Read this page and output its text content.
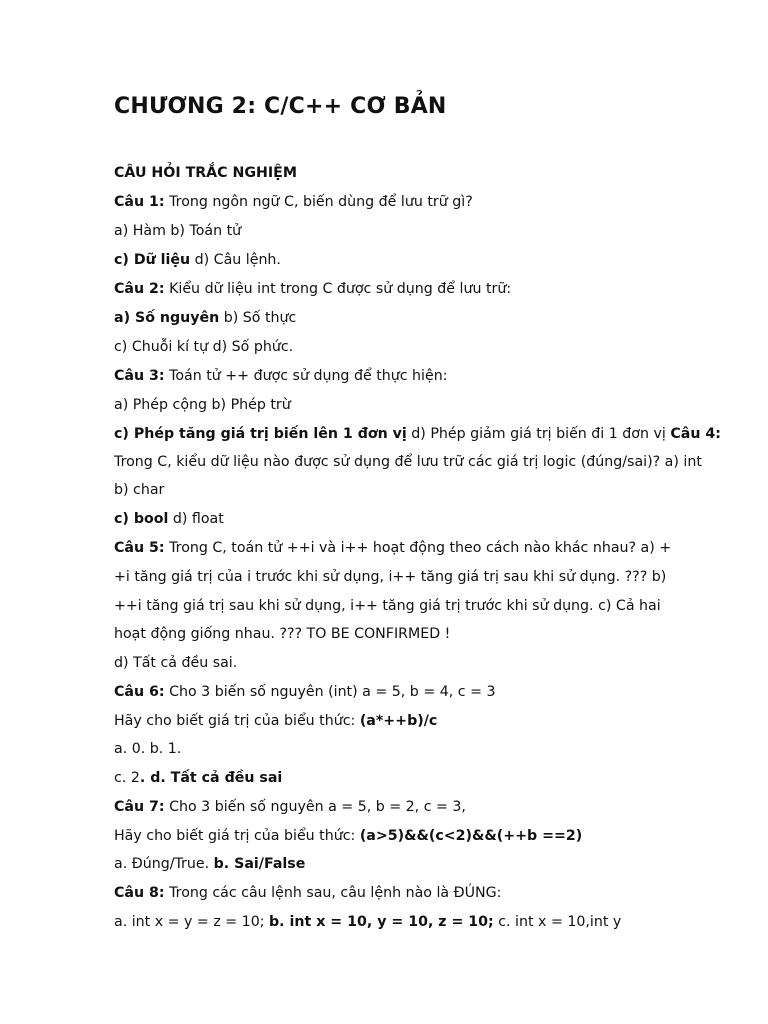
CHƯƠNG 2: C/C++ CƠ BẢN
CÂU HỎI TRẮC NGHIỆM
Câu 1: Trong ngôn ngữ C, biến dùng để lưu trữ gì?
a) Hàm b) Toán tử
c) Dữ liệu d) Câu lệnh.
Câu 2: Kiểu dữ liệu int trong C được sử dụng để lưu trữ:
a) Số nguyên b) Số thực
c) Chuỗi kí tự d) Số phức.
Câu 3: Toán tử ++ được sử dụng để thực hiện:
a) Phép cộng b) Phép trừ
c) Phép tăng giá trị biến lên 1 đơn vị d) Phép giảm giá trị biến đi 1 đơn vị Câu 4:
Trong C, kiểu dữ liệu nào được sử dụng để lưu trữ các giá trị logic (đúng/sai)? a) int
b) char
c) bool d) float
Câu 5: Trong C, toán tử ++i và i++ hoạt động theo cách nào khác nhau? a) +
+i tăng giá trị của i trước khi sử dụng, i++ tăng giá trị sau khi sử dụng. ??? b)
++i tăng giá trị sau khi sử dụng, i++ tăng giá trị trước khi sử dụng. c) Cả hai
hoạt động giống nhau. ??? TO BE CONFIRMED !
d) Tất cả đều sai.
Câu 6: Cho 3 biến số nguyên (int) a = 5, b = 4, c = 3
Hãy cho biết giá trị của biểu thức: (a*++b)/c
a. 0. b. 1.
c. 2. d. Tất cả đều sai
Câu 7: Cho 3 biến số nguyên a = 5, b = 2, c = 3,
Hãy cho biết giá trị của biểu thức: (a>5)&&(c<2)&&(++b ==2)
a. Đúng/True. b. Sai/False
Câu 8: Trong các câu lệnh sau, câu lệnh nào là ĐÚNG:
a. int x = y = z = 10; b. int x = 10, y = 10, z = 10; c. int x = 10,int y
